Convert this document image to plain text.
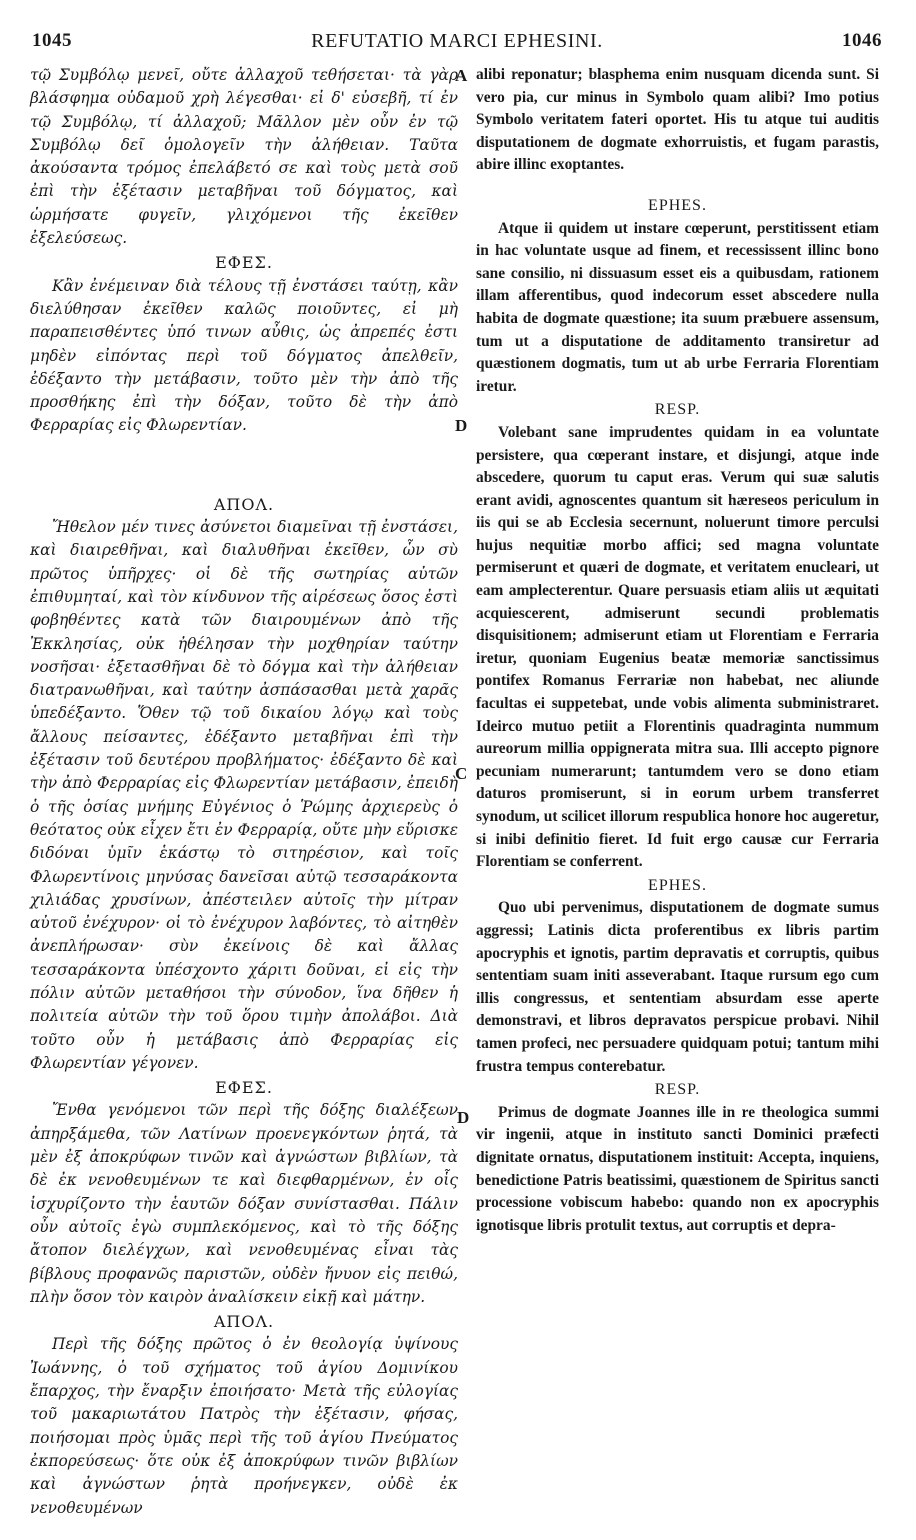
1045	REFUTATIO MARCI EPHESINI.	1046

τῷ Συμβόλῳ μενεῖ, οὔτε ἀλλαχοῦ τεθήσεται· τὰ γὰρ βλάσφημα οὐδαμοῦ χρὴ λέγεσθαι· εἰ δ' εὐσεβῆ, τί ἐν τῷ Συμβόλῳ, τί ἀλλαχοῦ; Μᾶλλον μὲν οὖν ἐν τῷ Συμβόλῳ δεῖ ὁμολογεῖν τὴν ἀλήθειαν. Ταῦτα ἀκούσαντα τρόμος ἐπελάβετό σε καὶ τοὺς μετὰ σοῦ ἐπὶ τὴν ἐξέτασιν μεταβῆναι τοῦ δόγματος, καὶ ὡρμήσατε φυγεῖν, γλιχόμενοι τῆς ἐκεῖθεν ἐξελεύσεως.

ΕΦΕΣ.

Κἂν ἐνέμειναν διὰ τέλους τῇ ἐνστάσει ταύτῃ, κἂν διελύθησαν ἐκεῖθεν καλῶς ποιοῦντες, εἰ μὴ παραπεισθέντες ὑπό τινων αὖθις, ὡς ἀπρεπές ἐστι μηδὲν εἰπόντας περὶ τοῦ δόγματος ἀπελθεῖν, ἐδέξαντο τὴν μετάβασιν, τοῦτο μὲν τὴν ἀπὸ τῆς προσθήκης ἐπὶ τὴν δόξαν, τοῦτο δὲ τὴν ἀπὸ Φερραρίας εἰς Φλωρεντίαν.

ΑΠΟΛ.

Ἤθελον μέν τινες ἀσύνετοι διαμεῖναι τῇ ἐνστάσει, καὶ διαιρεθῆναι, καὶ διαλυθῆναι ἐκεῖθεν, ὧν σὺ πρῶτος ὑπῆρχες· οἱ δὲ τῆς σωτηρίας αὐτῶν ἐπιθυμηταί, καὶ τὸν κίνδυνον τῆς αἱρέσεως ὅσος ἐστὶ φοβηθέντες κατὰ τῶν διαιρουμένων ἀπὸ τῆς Ἐκκλησίας, οὐκ ἠθέλησαν τὴν μοχθηρίαν ταύτην νοσῆσαι· ἐξετασθῆναι δὲ τὸ δόγμα καὶ τὴν ἀλήθειαν διατρανωθῆναι, καὶ ταύτην ἀσπάσασθαι μετὰ χαρᾶς ὑπεδέξαντο. Ὅθεν τῷ τοῦ δικαίου λόγῳ καὶ τοὺς ἄλλους πείσαντες, ἐδέξαντο μεταβῆναι ἐπὶ τὴν ἐξέτασιν τοῦ δευτέρου προβλήματος· ἐδέξαντο δὲ καὶ τὴν ἀπὸ Φερραρίας εἰς Φλωρεντίαν μετάβασιν, ἐπειδὴ ὁ τῆς ὁσίας μνήμης Εὐγένιος ὁ Ῥώμης ἀρχιερεὺς ὁ θεότατος οὐκ εἶχεν ἔτι ἐν Φερραρίᾳ, οὔτε μὴν εὕρισκε διδόναι ὑμῖν ἑκάστῳ τὸ σιτηρέσιον, καὶ τοῖς Φλωρεντίνοις μηνύσας δανεῖσαι αὐτῷ τεσσαράκοντα χιλιάδας χρυσίνων, ἀπέστειλεν αὐτοῖς τὴν μίτραν αὐτοῦ ἐνέχυρον· οἱ τὸ ἐνέχυρον λαβόντες, τὸ αἰτηθὲν ἀνεπλήρωσαν· σὺν ἐκείνοις δὲ καὶ ἄλλας τεσσαράκοντα ὑπέσχοντο χάριτι δοῦναι, εἰ εἰς τὴν πόλιν αὐτῶν μεταθήσοι τὴν σύνοδον, ἵνα δῆθεν ἡ πολιτεία αὐτῶν τὴν τοῦ ὅρου τιμὴν ἀπολάβοι. Διὰ τοῦτο οὖν ἡ μετάβασις ἀπὸ Φερραρίας εἰς Φλωρεντίαν γέγονεν.

ΕΦΕΣ.

Ἔνθα γενόμενοι τῶν περὶ τῆς δόξης διαλέξεων ἀπηρξάμεθα, τῶν Λατίνων προενεγκόντων ῥητά, τὰ μὲν ἐξ ἀποκρύφων τινῶν καὶ ἀγνώστων βιβλίων, τὰ δὲ ἐκ νενοθευμένων τε καὶ διεφθαρμένων, ἐν οἷς ἰσχυρίζοντο τὴν ἑαυτῶν δόξαν συνίστασθαι. Πάλιν οὖν αὐτοῖς ἐγὼ συμπλεκόμενος, καὶ τὸ τῆς δόξης ἄτοπον διελέγχων, καὶ νενοθευμένας εἶναι τὰς βίβλους προφανῶς παριστῶν, οὐδὲν ἤνυον εἰς πειθώ, πλὴν ὅσον τὸν καιρὸν ἀναλίσκειν εἰκῇ καὶ μάτην.

ΑΠΟΛ.

Περὶ τῆς δόξης πρῶτος ὁ ἐν θεολογίᾳ ὑψίνους Ἰωάννης, ὁ τοῦ σχήματος τοῦ ἁγίου Δομινίκου ἔπαρχος, τὴν ἔναρξιν ἐποιήσατο· Μετὰ τῆς εὐλογίας τοῦ μακαριωτάτου Πατρὸς τὴν ἐξέτασιν, φήσας, ποιήσομαι πρὸς ὑμᾶς περὶ τῆς τοῦ ἁγίου Πνεύματος ἐκπορεύσεως· ὅτε οὐκ ἐξ ἀποκρύφων τινῶν βιβλίων καὶ ἀγνώστων ῥητὰ προήνεγκεν, οὐδὲ ἐκ νενοθευμένων

A
D
C
D

alibi reponatur; blasphema enim nusquam dicenda sunt. Si vero pia, cur minus in Symbolo quam alibi? Imo potius Symbolo veritatem fateri oportet. His tu atque tui auditis disputationem de dogmate exhorruistis, et fugam parastis, abire illinc exoptantes.

EPHES.

Atque ii quidem ut instare cœperunt, perstitissent etiam in hac voluntate usque ad finem, et recessissent illinc bono sane consilio, ni dissuasum esset eis a quibusdam, rationem illam afferentibus, quod indecorum esset abscedere nulla habita de dogmate quæstione; ita suum præbuere assensum, tum ut a disputatione de additamento transiretur ad quæstionem dogmatis, tum ut ab urbe Ferraria Florentiam iretur.

RESP.

Volebant sane imprudentes quidam in ea voluntate persistere, qua cœperant instare, et disjungi, atque inde abscedere, quorum tu caput eras. Verum qui suæ salutis erant avidi, agnoscentes quantum sit hæreseos periculum in iis qui se ab Ecclesia secernunt, noluerunt timore perculsi hujus nequitiæ morbo affici; sed magna voluntate permiserunt et quæri de dogmate, et veritatem enucleari, ut eam amplecterentur. Quare persuasis etiam aliis ut æquitati acquiescerent, admiserunt secundi problematis disquisitionem; admiserunt etiam ut Florentiam e Ferraria iretur, quoniam Eugenius beatæ memoriæ sanctissimus pontifex Romanus Ferrariæ non habebat, nec aliunde facultas ei suppetebat, unde vobis alimenta subministraret. Ideirco mutuo petiit a Florentinis quadraginta nummum aureorum millia oppignerata mitra sua. Illi accepto pignore pecuniam numerarunt; tantumdem vero se dono etiam daturos promiserunt, si in eorum urbem transferret synodum, ut scilicet illorum respublica honore hoc augeretur, si inibi definitio fieret. Id fuit ergo causæ cur Ferraria Florentiam se conferrent.

EPHES.

Quo ubi pervenimus, disputationem de dogmate sumus aggressi; Latinis dicta proferentibus ex libris partim apocryphis et ignotis, partim depravatis et corruptis, quibus sententiam suam initi asseverabant. Itaque rursum ego cum illis congressus, et sententiam absurdam esse aperte demonstravi, et libros depravatos perspicue probavi. Nihil tamen profeci, nec persuadere quidquam potui; tantum mihi frustra tempus conterebatur.

RESP.

Primus de dogmate Joannes ille in re theologica summi vir ingenii, atque in instituto sancti Dominici præfecti dignitate ornatus, disputationem instituit: Accepta, inquiens, benedictione Patris beatissimi, quæstionem de Spiritus sancti processione vobiscum habebo: quando non ex apocryphis ignotisque libris protulit textus, aut corruptis et depra-
